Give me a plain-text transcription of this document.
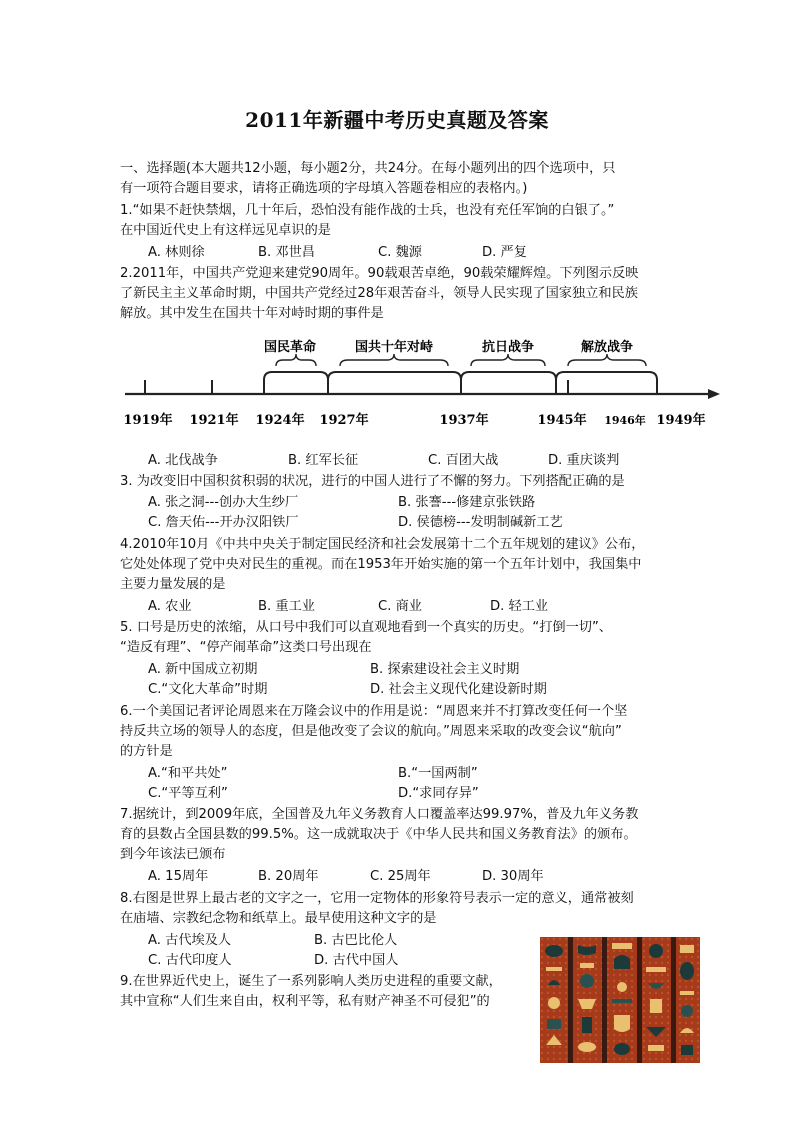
2011年新疆中考历史真题及答案
一、选择题(本大题共12小题，每小题2分，共24分。在每小题列出的四个选项中，只
有一项符合题目要求，请将正确选项的字母填入答题卷相应的表格内。)
1.“如果不赶快禁烟，几十年后，恐怕没有能作战的士兵，也没有充任军饷的白银了。”
在中国近代史上有这样远见卓识的是
A. 林则徐	B. 邓世昌	C. 魏源	D. 严复
2.2011年，中国共产党迎来建党90周年。90载艰苦卓绝，90载荣耀辉煌。下列图示反映
了新民主主义革命时期，中国共产党经过28年艰苦奋斗，领导人民实现了国家独立和民族
解放。其中发生在国共十年对峙时期的事件是
国民革命	国共十年对峙	抗日战争	解放战争
1919年 1921年 1924年 1927年	1937年	1945年 1946年 1949年
A. 北伐战争	B. 红军长征	C. 百团大战	D. 重庆谈判
3. 为改变旧中国积贫积弱的状况，进行的中国人进行了不懈的努力。下列搭配正确的是
A. 张之洞---创办大生纱厂	B. 张謇---修建京张铁路
C. 詹天佑---开办汉阳铁厂	D. 侯德榜---发明制碱新工艺
4.2010年10月《中共中央关于制定国民经济和社会发展第十二个五年规划的建议》公布，
它处处体现了党中央对民生的重视。而在1953年开始实施的第一个五年计划中，我国集中
主要力量发展的是
A. 农业	B. 重工业	C. 商业	D. 轻工业
5. 口号是历史的浓缩，从口号中我们可以直观地看到一个真实的历史。“打倒一切”、
“造反有理”、“停产闹革命”这类口号出现在
A. 新中国成立初期	B. 探索建设社会主义时期
C.“文化大革命”时期	D. 社会主义现代化建设新时期
6.一个美国记者评论周恩来在万隆会议中的作用是说：“周恩来并不打算改变任何一个坚
持反共立场的领导人的态度，但是他改变了会议的航向。”周恩来采取的改变会议“航向”
的方针是
A.“和平共处”	B.“一国两制”
C.“平等互利”	D.“求同存异”
7.据统计，到2009年底，全国普及九年义务教育人口覆盖率达99.97%，普及九年义务教
育的县数占全国县数的99.5%。这一成就取决于《中华人民共和国义务教育法》的颁布。
到今年该法已颁布
A. 15周年	B. 20周年	C. 25周年	D. 30周年
8.右图是世界上最古老的文字之一，它用一定物体的形象符号表示一定的意义，通常被刻
在庙墙、宗教纪念物和纸草上。最早使用这种文字的是
A. 古代埃及人	B. 古巴比伦人
C. 古代印度人	D. 古代中国人
9.在世界近代史上，诞生了一系列影响人类历史进程的重要文献，
其中宣称“人们生来自由，权利平等，私有财产神圣不可侵犯”的
